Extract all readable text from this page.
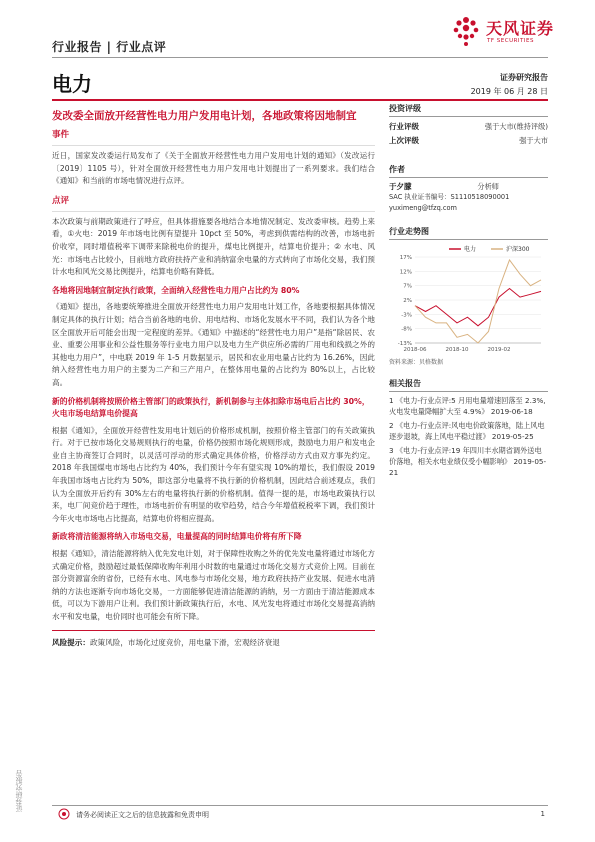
行业报告 | 行业点评
天风证券
TF SECURITIES
电力	证券研究报告
2019 年 06 月 28 日
发改委全面放开经营性电力用户发用电计划，各地政策将因地制宜
事件

近日，国家发改委运行局发布了《关于全面放开经营性电力用户发用电计划的通知》（发改运行〔2019〕1105 号），针对全面放开经营性电力用户发用电计划提出了一系列要求。我们结合《通知》和当前的市场电情况进行点评。

点评

本次政策与前期政策进行了呼应，但具体措施要各地结合本地情况制定、发改委审核。趋势上来看，①火电：2019 年市场电比例有望提升 10pct 至 50%，考虑到供需结构的改善，市场电折价收窄，同时增值税率下调带来除税电价的提升，煤电比例提升，结算电价提升；② 水电、风光：市场电占比较小，目前地方政府扶持产业和消纳富余电量的方式转向了市场化交易，我们预计水电和风光交易比例提升，结算电价略有降低。

各地将因地制宜制定执行政策，全面纳入经营性电力用户占比约为 80%

《通知》提出，各地要统筹推进全面放开经营性电力用户发用电计划工作，各地要根据具体情况制定具体的执行计划；结合当前各地的电价、用电结构、市场化发展水平不同，我们认为各个地区全面放开后可能会出现一定程度的差异。《通知》中描述的“经营性电力用户”是指“除居民、农业、重要公用事业和公益性服务等行业电力用户以及电力生产供应所必需的厂用电和线损之外的其他电力用户”，中电联 2019 年 1-5 月数据显示，居民和农业用电量占比约为 16.26%，因此纳入经营性电力用户的主要为二产和三产用户，在整体用电量的占比约为 80%以上，占比较高。

新的价格机制将按照价格主管部门的政策执行，新机制参与主体扣除市场电后占比约 30%，火电市场电结算电价提高

根据《通知》，全面放开经营性发用电计划后的价格形成机制，按照价格主管部门的有关政策执行。对于已按市场化交易规则执行的电量，价格仍按照市场化规则形成，鼓励电力用户和发电企业自主协商签订合同时，以灵活可浮动的形式确定具体价格，价格浮动方式由双方事先约定。2018 年我国煤电市场电占比约为 40%，我们预计今年有望实现 10%的增长，我们假设 2019 年我国市场电占比约为 50%，即这部分电量将不执行新的价格机制，因此结合前述观点，我们认为全面放开后约有 30%左右的电量将执行新的价格机制。值得一提的是，市场电政策执行以来，电厂间竞价趋于理性，市场电折价有明显的收窄趋势，结合今年增值税税率下调，我们预计今年火电市场电占比提高，结算电价将相应提高。

新政将清洁能源将纳入市场电交易，电量提高的同时结算电价将有所下降

根据《通知》，清洁能源将纳入优先发电计划，对于保障性收购之外的优先发电量将通过市场化方式确定价格，鼓励超过最低保障收购年利用小时数的电量通过市场化交易方式竞价上网。目前在部分资源富余的省份，已经有水电、风电参与市场化交易，地方政府扶持产业发展、促进水电消纳的方法也逐渐专向市场化交易，一方面能够促进清洁能源的消纳，另一方面由于清洁能源成本低，可以为下游用户让利。我们预计新政策执行后，水电、风光发电将通过市场化交易提高消纳水平和发电量，电价同时也可能会有所下降。

风险提示：政策风险，市场化过度竞价，用电量下滑，宏观经济衰退
投资评级
行业评级	强于大市(维持评级)
上次评级	强于大市
作者
于夕朦	分析师
SAC 执业证书编号：S1110518090001
yuximeng@tfzq.com
行业走势图
17%
12%
7%
2%
-3%
-8%
-13%
2018-06	2018-10	2019-02
电力	沪深300
资料来源：贝格数据
相关报告
1 《电力-行业点评:5 月用电量增速回落至 2.3%,火电发电量降幅扩大至 4.9%》 2019-06-18
2 《电力-行业点评:风电电价政策落地，陆上风电逐步退坡，海上风电平稳过渡》 2019-05-25
3 《电力-行业点评:19 年四川丰水期省调外送电价落地，相关水电业绩仅受小幅影响》 2019-05-21
请务必阅读正文之后的信息披露和免责申明	1
证券研究报告
